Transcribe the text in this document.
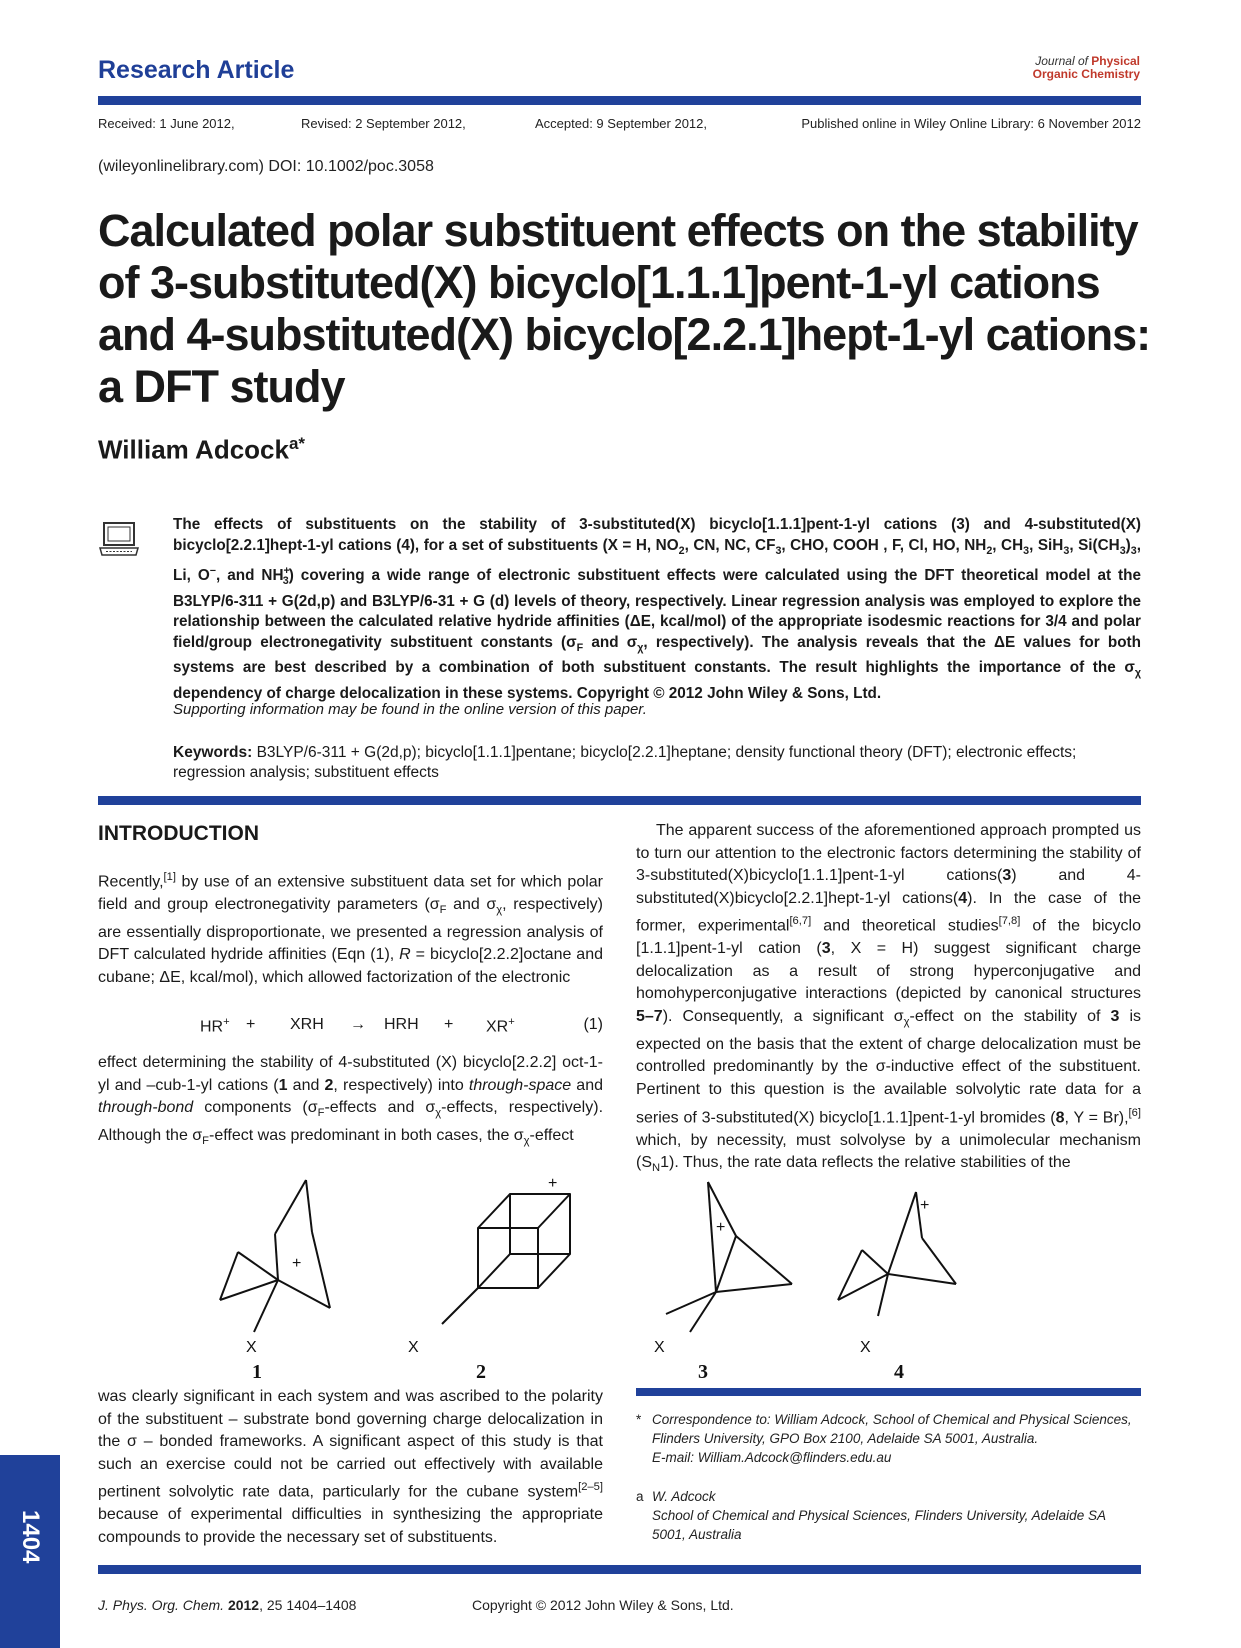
Research Article	Journal of Physical
Organic Chemistry
Received: 1 June 2012,	Revised: 2 September 2012,	Accepted: 9 September 2012,	Published online in Wiley Online Library: 6 November 2012
(wileyonlinelibrary.com) DOI: 10.1002/poc.3058
Calculated polar substituent effects on the stability of 3-substituted(X) bicyclo[1.1.1]pent-1-yl cations and 4-substituted(X) bicyclo[2.2.1]hept-1-yl cations: a DFT study
William Adcock$^{a*}$

The effects of substituents on the stability of 3-substituted(X) bicyclo[1.1.1]pent-1-yl cations (3) and 4-substituted(X) bicyclo[2.2.1]hept-1-yl cations (4), for a set of substituents (X = H, $NO_2$, CN, NC, $CF_3$, CHO, COOH , F, Cl, HO, $NH_2$, $CH_3$, SiH$_3$, $Si(CH_3)_3$, Li, O−, and $NH^+_3$) covering a wide range of electronic substituent effects were calculated using the DFT theoretical model at the B3LYP/6-311 + G(2d,p) and B3LYP/6-31 + G (d) levels of theory, respectively. Linear regression analysis was employed to explore the relationship between the calculated relative hydride affinities (ΔE, kcal/mol) of the appropriate isodesmic reactions for 3/4 and polar field/group electronegativity substituent constants ($\sigma_F$ and $\sigma_\chi$, respectively). The analysis reveals that the ΔE values for both systems are best described by a combination of both substituent constants. The result highlights the importance of the $\sigma_\chi$ dependency of charge delocalization in these systems. Copyright © 2012 John Wiley & Sons, Ltd.

Supporting information may be found in the online version of this paper.

Keywords: B3LYP/6-311 + G(2d,p); bicyclo[1.1.1]pentane; bicyclo[2.2.1]heptane; density functional theory (DFT); electronic effects; regression analysis; substituent effects

INTRODUCTION

Recently,[1] by use of an extensive substituent data set for which polar field and group electronegativity parameters ($\sigma_F$ and $\sigma_\chi$, respectively) are essentially disproportionate, we presented a regression analysis of DFT calculated hydride affinities (Eqn (1), R = bicyclo[2.2.2]octane and cubane; ΔE, kcal/mol), which allowed factorization of the electronic

HR+ + XRH → HRH + XR+	(1)

effect determining the stability of 4-substituted (X) bicyclo[2.2.2] oct-1-yl and –cub-1-yl cations (1 and 2, respectively) into through-space and through-bond components ($\sigma_F$-effects and $\sigma_\chi$-effects, respectively). Although the $\sigma_F$-effect was predominant in both cases, the $\sigma_\chi$-effect

The apparent success of the aforementioned approach prompted us to turn our attention to the electronic factors determining the stability of 3-substituted(X)bicyclo[1.1.1]pent-1-yl cations(3) and 4-substituted(X)bicyclo[2.2.1]hept-1-yl cations(4). In the case of the former, experimental[6,7] and theoretical studies[7,8] of the bicyclo [1.1.1]pent-1-yl cation (3, X = H) suggest significant charge delocalization as a result of strong hyperconjugative and homohyperconjugative interactions (depicted by canonical structures 5–7). Consequently, a significant $\sigma_\chi$-effect on the stability of 3 is expected on the basis that the extent of charge delocalization must be controlled predominantly by the σ-inductive effect of the substituent. Pertinent to this question is the available solvolytic rate data for a series of 3-substituted(X) bicyclo[1.1.1]pent-1-yl bromides (8, Y = Br),[6] which, by necessity, must solvolyse by a unimolecular mechanism $(S_N1)$. Thus, the rate data reflects the relative stabilities of the

X
+
X
+
X
+
X
+
1	2	3	4

was clearly significant in each system and was ascribed to the polarity of the substituent – substrate bond governing charge delocalization in the σ – bonded frameworks. A significant aspect of this study is that such an exercise could not be carried out effectively with available pertinent solvolytic rate data, particularly for the cubane system[2–5] because of experimental difficulties in synthesizing the appropriate compounds to provide the necessary set of substituents.

* Correspondence to: William Adcock, School of Chemical and Physical Sciences, Flinders University, GPO Box 2100, Adelaide SA 5001, Australia.
E-mail: William.Adcock@flinders.edu.au
a W. Adcock
School of Chemical and Physical Sciences, Flinders University, Adelaide SA 5001, Australia
J. Phys. Org. Chem. 2012, 25 1404–1408	Copyright © 2012 John Wiley & Sons, Ltd.
1404
